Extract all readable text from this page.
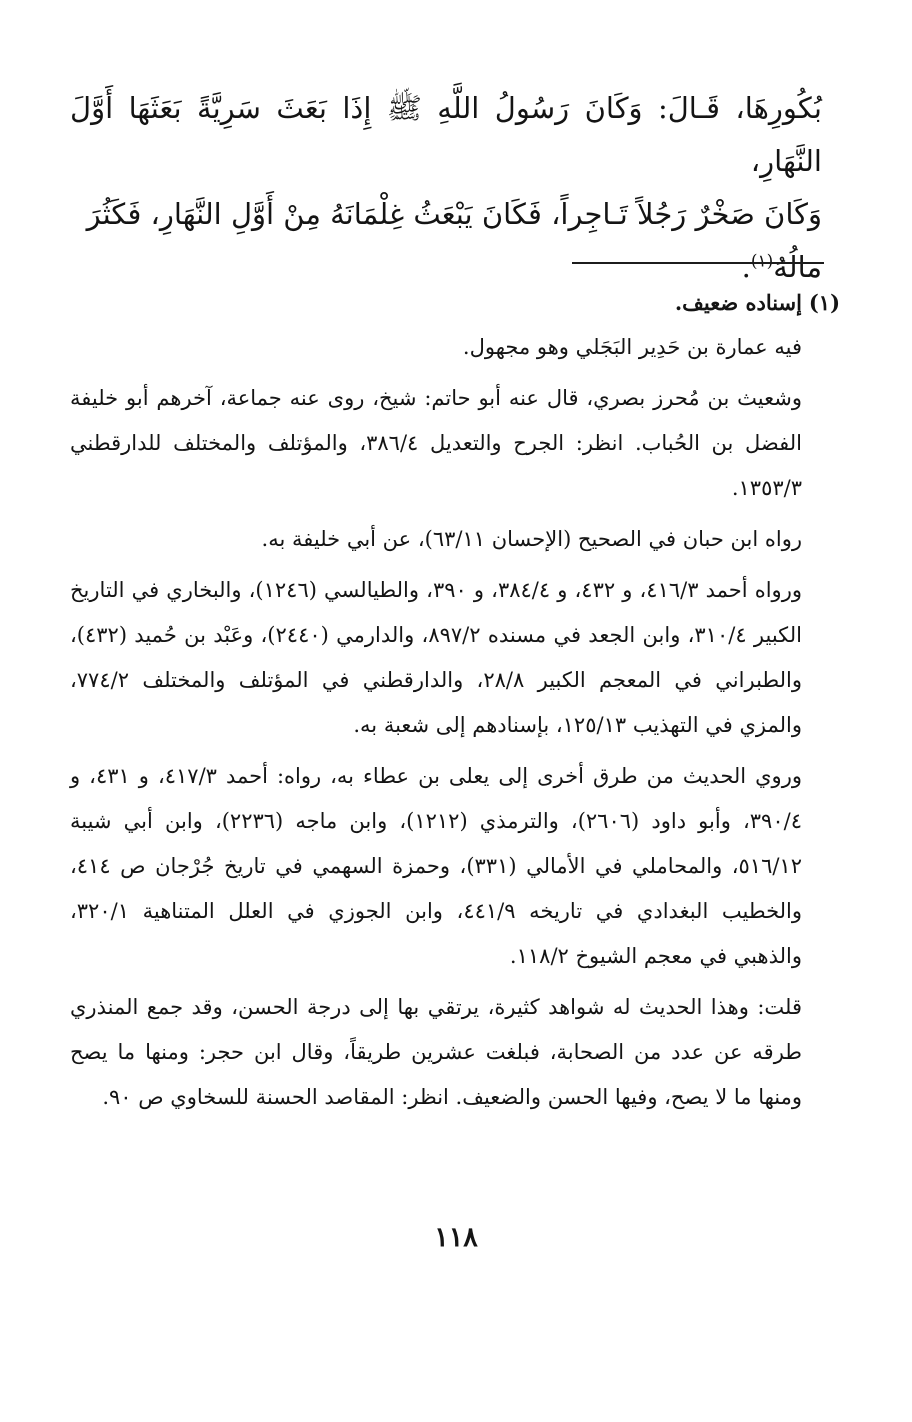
بُكُورِهَا، قَـالَ: وَكَانَ رَسُولُ اللَّهِ ﷺ إِذَا بَعَثَ سَرِيَّةً بَعَثَهَا أَوَّلَ النَّهَارِ،

وَكَانَ صَخْرٌ رَجُلاً تَـاجِراً، فَكَانَ يَبْعَثُ غِلْمَانَهُ مِنْ أَوَّلِ النَّهَارِ، فَكَثُرَ

مالُهُ$^{(١)}$.

(١)
إسناده ضعيف.

فيه عمارة بن حَدِير البَجَلي وهو مجهول.

وشعيث بن مُحرز بصري، قال عنه أبو حاتم: شيخ، روى عنه جماعة، آخرهم أبو خليفة الفضل بن الحُباب. انظر: الجرح والتعديل ٣٨٦/٤، والمؤتلف والمختلف للدارقطني ١٣٥٣/٣.

رواه ابن حبان في الصحيح (الإحسان ٦٣/١١)، عن أبي خليفة به.

ورواه أحمد ٤١٦/٣، و ٤٣٢، و ٣٨٤/٤، و ٣٩٠، والطيالسي (١٢٤٦)، والبخاري في التاريخ الكبير ٣١٠/٤، وابن الجعد في مسنده ٨٩٧/٢، والدارمي (٢٤٤٠)، وعَبْد بن حُميد (٤٣٢)، والطبراني في المعجم الكبير ٢٨/٨، والدارقطني في المؤتلف والمختلف ٧٧٤/٢، والمزي في التهذيب ١٢٥/١٣، بإسنادهم إلى شعبة به.

وروي الحديث من طرق أخرى إلى يعلى بن عطاء به، رواه: أحمد ٤١٧/٣، و ٤٣١، و ٣٩٠/٤، وأبو داود (٢٦٠٦)، والترمذي (١٢١٢)، وابن ماجه (٢٢٣٦)، وابن أبي شيبة ٥١٦/١٢، والمحاملي في الأمالي (٣٣١)، وحمزة السهمي في تاريخ جُرْجان ص ٤١٤، والخطيب البغدادي في تاريخه ٤٤١/٩، وابن الجوزي في العلل المتناهية ٣٢٠/١، والذهبي في معجم الشيوخ ١١٨/٢.

قلت: وهذا الحديث له شواهد كثيرة، يرتقي بها إلى درجة الحسن، وقد جمع المنذري طرقه عن عدد من الصحابة، فبلغت عشرين طريقاً، وقال ابن حجر: ومنها ما يصح ومنها ما لا يصح، وفيها الحسن والضعيف. انظر: المقاصد الحسنة للسخاوي ص ٩٠.

١١٨
